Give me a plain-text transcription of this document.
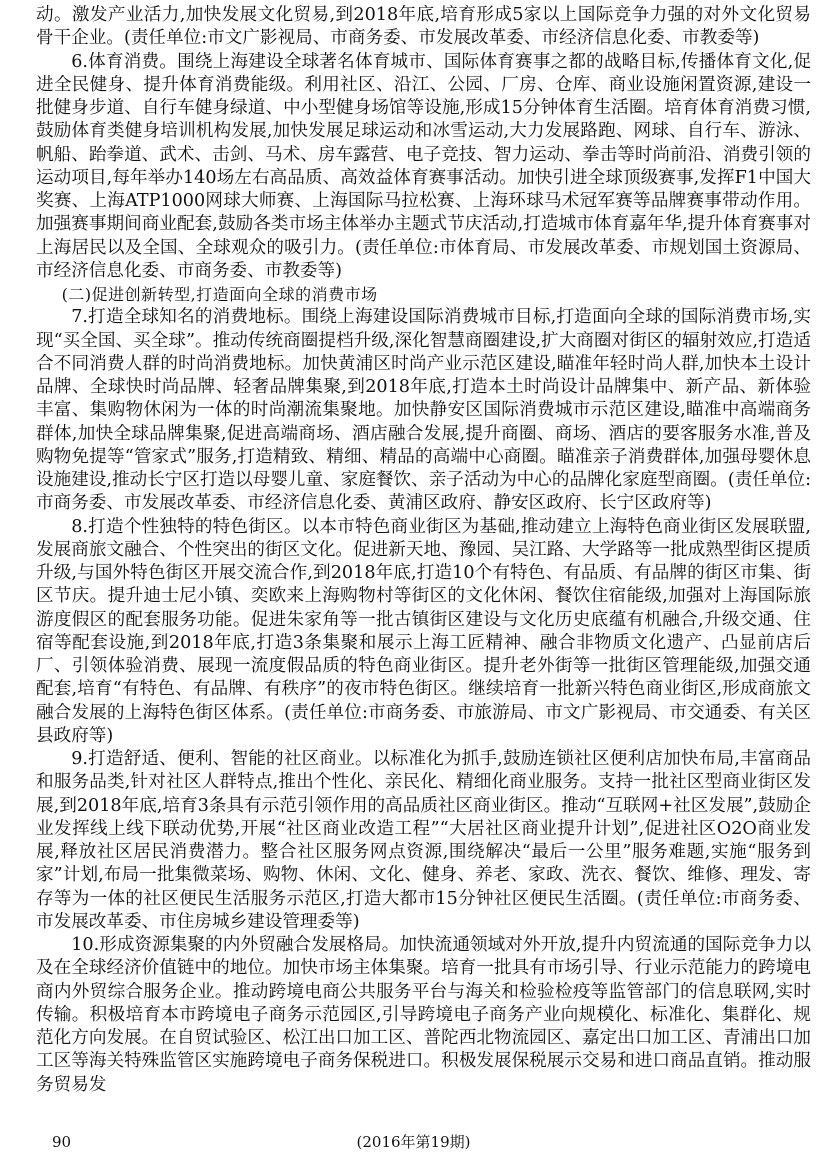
动。激发产业活力,加快发展文化贸易,到2018年底,培育形成5家以上国际竞争力强的对外文化贸易骨干企业。(责任单位:市文广影视局、市商务委、市发展改革委、市经济信息化委、市教委等)

6.体育消费。围绕上海建设全球著名体育城市、国际体育赛事之都的战略目标,传播体育文化,促进全民健身、提升体育消费能级。利用社区、沿江、公园、厂房、仓库、商业设施闲置资源,建设一批健身步道、自行车健身绿道、中小型健身场馆等设施,形成15分钟体育生活圈。培育体育消费习惯,鼓励体育类健身培训机构发展,加快发展足球运动和冰雪运动,大力发展路跑、网球、自行车、游泳、帆船、跆拳道、武术、击剑、马术、房车露营、电子竞技、智力运动、拳击等时尚前沿、消费引领的运动项目,每年举办140场左右高品质、高效益体育赛事活动。加快引进全球顶级赛事,发挥F1中国大奖赛、上海ATP1000网球大师赛、上海国际马拉松赛、上海环球马术冠军赛等品牌赛事带动作用。加强赛事期间商业配套,鼓励各类市场主体举办主题式节庆活动,打造城市体育嘉年华,提升体育赛事对上海居民以及全国、全球观众的吸引力。(责任单位:市体育局、市发展改革委、市规划国土资源局、市经济信息化委、市商务委、市教委等)

(二)促进创新转型,打造面向全球的消费市场

7.打造全球知名的消费地标。围绕上海建设国际消费城市目标,打造面向全球的国际消费市场,实现“买全国、买全球”。推动传统商圈提档升级,深化智慧商圈建设,扩大商圈对街区的辐射效应,打造适合不同消费人群的时尚消费地标。加快黄浦区时尚产业示范区建设,瞄准年轻时尚人群,加快本土设计品牌、全球快时尚品牌、轻奢品牌集聚,到2018年底,打造本土时尚设计品牌集中、新产品、新体验丰富、集购物休闲为一体的时尚潮流集聚地。加快静安区国际消费城市示范区建设,瞄准中高端商务群体,加快全球品牌集聚,促进高端商场、酒店融合发展,提升商圈、商场、酒店的要客服务水准,普及购物免提等“管家式”服务,打造精致、精细、精品的高端中心商圈。瞄准亲子消费群体,加强母婴休息设施建设,推动长宁区打造以母婴儿童、家庭餐饮、亲子活动为中心的品牌化家庭型商圈。(责任单位:市商务委、市发展改革委、市经济信息化委、黄浦区政府、静安区政府、长宁区政府等)

8.打造个性独特的特色街区。以本市特色商业街区为基础,推动建立上海特色商业街区发展联盟,发展商旅文融合、个性突出的街区文化。促进新天地、豫园、吴江路、大学路等一批成熟型街区提质升级,与国外特色街区开展交流合作,到2018年底,打造10个有特色、有品质、有品牌的街区市集、街区节庆。提升迪士尼小镇、奕欧来上海购物村等街区的文化休闲、餐饮住宿能级,加强对上海国际旅游度假区的配套服务功能。促进朱家角等一批古镇街区建设与文化历史底蕴有机融合,升级交通、住宿等配套设施,到2018年底,打造3条集聚和展示上海工匠精神、融合非物质文化遗产、凸显前店后厂、引领体验消费、展现一流度假品质的特色商业街区。提升老外街等一批街区管理能级,加强交通配套,培育“有特色、有品牌、有秩序”的夜市特色街区。继续培育一批新兴特色商业街区,形成商旅文融合发展的上海特色街区体系。(责任单位:市商务委、市旅游局、市文广影视局、市交通委、有关区县政府等)

9.打造舒适、便利、智能的社区商业。以标准化为抓手,鼓励连锁社区便利店加快布局,丰富商品和服务品类,针对社区人群特点,推出个性化、亲民化、精细化商业服务。支持一批社区型商业街区发展,到2018年底,培育3条具有示范引领作用的高品质社区商业街区。推动“互联网+社区发展”,鼓励企业发挥线上线下联动优势,开展“社区商业改造工程”“大居社区商业提升计划”,促进社区O2O商业发展,释放社区居民消费潜力。整合社区服务网点资源,围绕解决“最后一公里”服务难题,实施“服务到家”计划,布局一批集微菜场、购物、休闲、文化、健身、养老、家政、洗衣、餐饮、维修、理发、寄存等为一体的社区便民生活服务示范区,打造大都市15分钟社区便民生活圈。(责任单位:市商务委、市发展改革委、市住房城乡建设管理委等)

10.形成资源集聚的内外贸融合发展格局。加快流通领域对外开放,提升内贸流通的国际竞争力以及在全球经济价值链中的地位。加快市场主体集聚。培育一批具有市场引导、行业示范能力的跨境电商内外贸综合服务企业。推动跨境电商公共服务平台与海关和检验检疫等监管部门的信息联网,实时传输。积极培育本市跨境电子商务示范园区,引导跨境电子商务产业向规模化、标准化、集群化、规范化方向发展。在自贸试验区、松江出口加工区、普陀西北物流园区、嘉定出口加工区、青浦出口加工区等海关特殊监管区实施跨境电子商务保税进口。积极发展保税展示交易和进口商品直销。推动服务贸易发

90	(2016年第19期)
